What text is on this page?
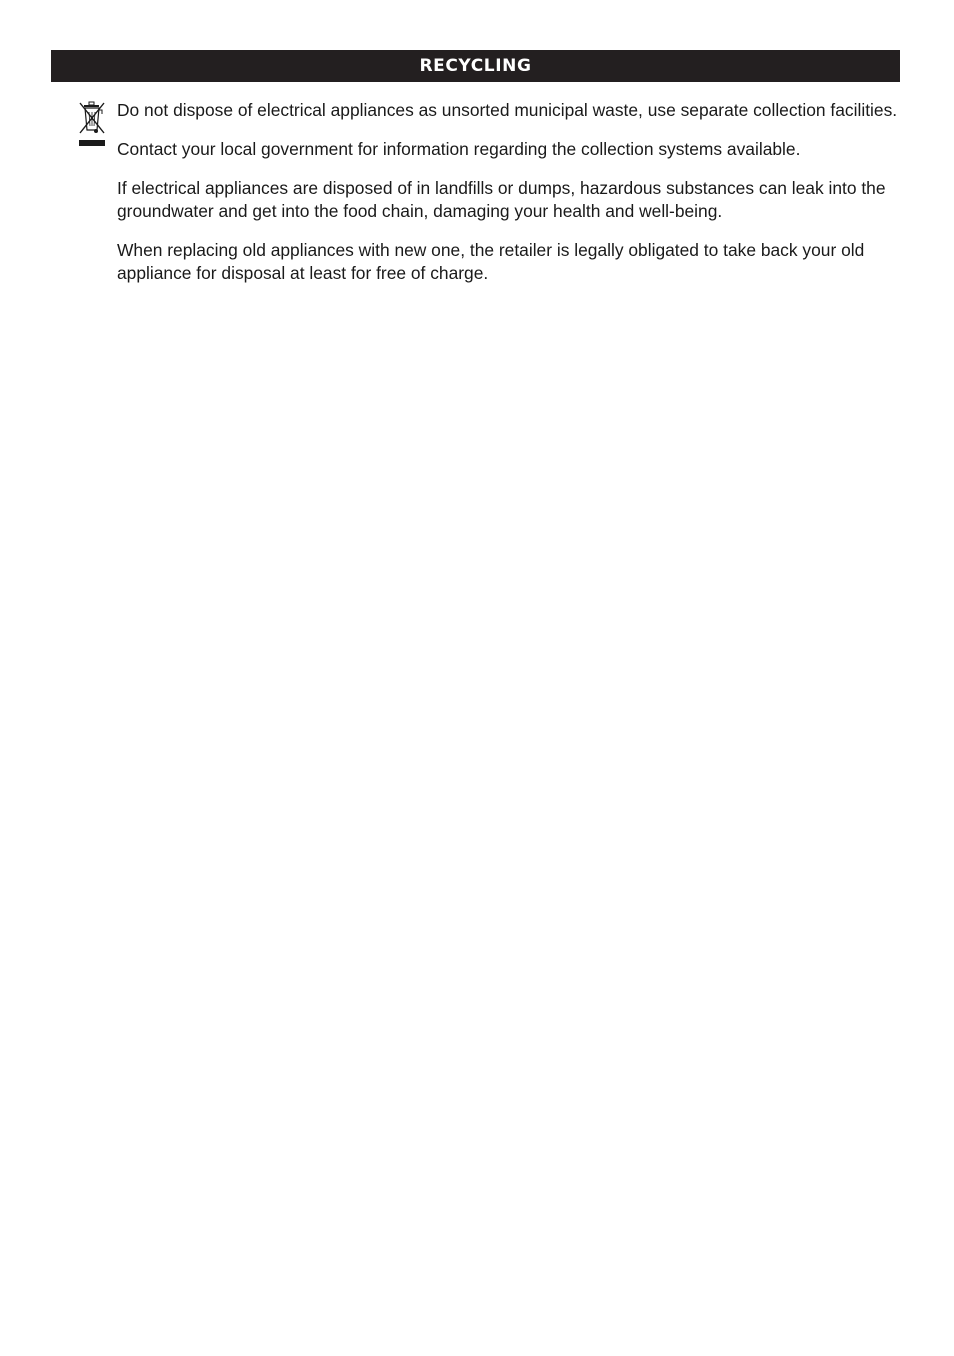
RECYCLING

Do not dispose of electrical appliances as unsorted municipal waste, use separate collection facilities.

Contact your local government for information regarding the collection systems available.

If electrical appliances are disposed of in landfills or dumps, hazardous substances can leak into the groundwater and get into the food chain, damaging your health and well-being.

When replacing old appliances with new one, the retailer is legally obligated to take back your old appliance for disposal at least for free of charge.
